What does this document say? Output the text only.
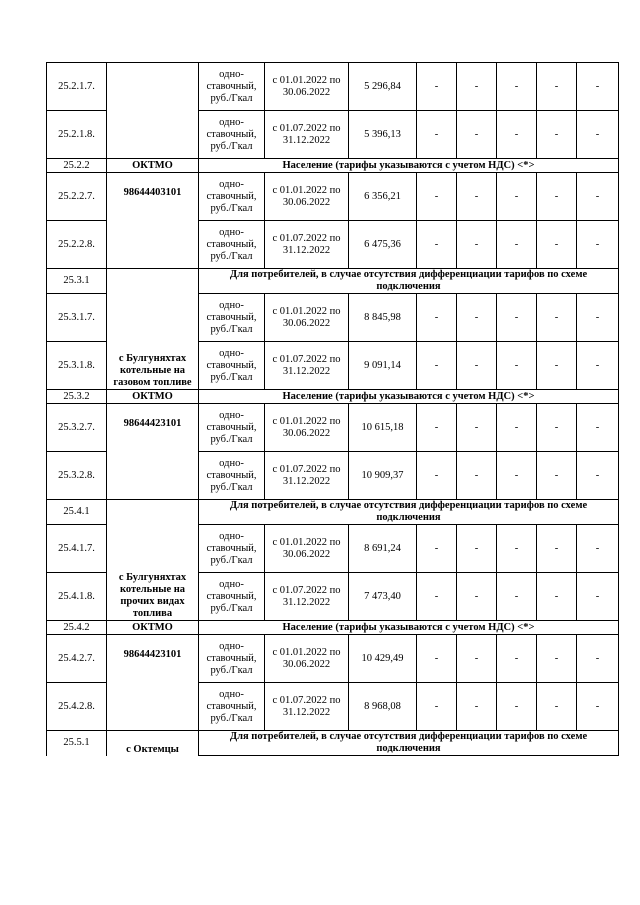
25.2.1.7.		одно-ставочный, руб./Гкал	с 01.01.2022 по 30.06.2022	5 296,84	-	-	-	-	-
25.2.1.8.		одно-ставочный, руб./Гкал	с 01.07.2022 по 31.12.2022	5 396,13	-	-	-	-	-
25.2.2	ОКТМО	Население (тарифы указываются с учетом НДС) <*>							
25.2.2.7.	98644403101	одно-ставочный, руб./Гкал	с 01.01.2022 по 30.06.2022	6 356,21	-	-	-	-	-
25.2.2.8.		одно-ставочный, руб./Гкал	с 01.07.2022 по 31.12.2022	6 475,36	-	-	-	-	-
25.3.1	с Булгуняхтах котельные на газовом топливе	Для потребителей, в случае отсутствия дифференциации тарифов по схеме подключения							
25.3.1.7.		одно-ставочный, руб./Гкал	с 01.01.2022 по 30.06.2022	8 845,98	-	-	-	-	-
25.3.1.8.		одно-ставочный, руб./Гкал	с 01.07.2022 по 31.12.2022	9 091,14	-	-	-	-	-
25.3.2	ОКТМО	Население (тарифы указываются с учетом НДС) <*>							
25.3.2.7.	98644423101	одно-ставочный, руб./Гкал	с 01.01.2022 по 30.06.2022	10 615,18	-	-	-	-	-
25.3.2.8.		одно-ставочный, руб./Гкал	с 01.07.2022 по 31.12.2022	10 909,37	-	-	-	-	-
25.4.1	с Булгуняхтах котельные на прочих видах топлива	Для потребителей, в случае отсутствия дифференциации тарифов по схеме подключения							
25.4.1.7.		одно-ставочный, руб./Гкал	с 01.01.2022 по 30.06.2022	8 691,24	-	-	-	-	-
25.4.1.8.		одно-ставочный, руб./Гкал	с 01.07.2022 по 31.12.2022	7 473,40	-	-	-	-	-
25.4.2	ОКТМО	Население (тарифы указываются с учетом НДС) <*>							
25.4.2.7.	98644423101	одно-ставочный, руб./Гкал	с 01.01.2022 по 30.06.2022	10 429,49	-	-	-	-	-
25.4.2.8.		одно-ставочный, руб./Гкал	с 01.07.2022 по 31.12.2022	8 968,08	-	-	-	-	-
25.5.1	с Октемцы	Для потребителей, в случае отсутствия дифференциации тарифов по схеме подключения							
